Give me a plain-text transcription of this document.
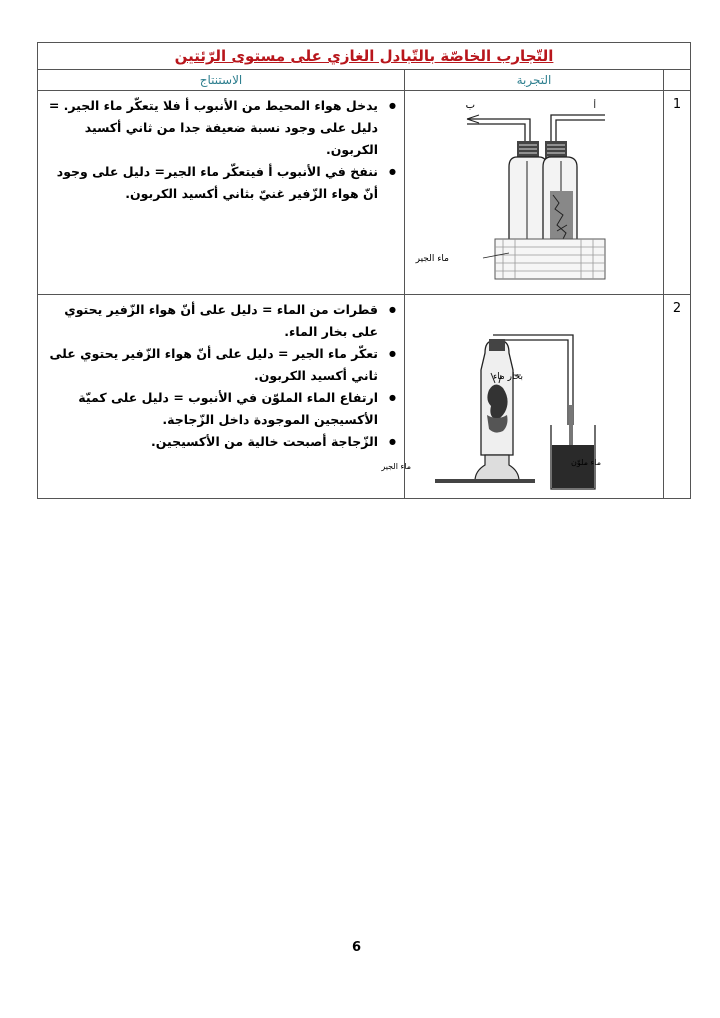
التّجارب الخاصّة بالتّبادل الغازي على مستوى الرّئتين
التجربة
الاستنتاج
1
ب	أ
ماء الجير
● يدخل هواء المحيط من الأنبوب أ فلا يتعكّر ماء الجير. = دليل على وجود نسبة ضعيفة جدا من ثاني أكسيد الكربون.
● ننفخ في الأنبوب أ فيتعكّر ماء الجير= دليل على وجود أنّ هواء الزّفير غنيّ بثاني أكسيد الكربون.
2
بخار ماء
ماء الجير	ماء ملوّن
● قطرات من الماء = دليل على أنّ هواء الزّفير يحتوي على بخار الماء.
● تعكّر ماء الجير = دليل على أنّ هواء الزّفير يحتوي على ثاني أكسيد الكربون.
● ارتفاع الماء الملوّن في الأنبوب = دليل على كميّة الأكسيجين الموجودة داخل الزّجاجة.
● الزّجاجة أصبحت خالية من الأكسيجين.
6
